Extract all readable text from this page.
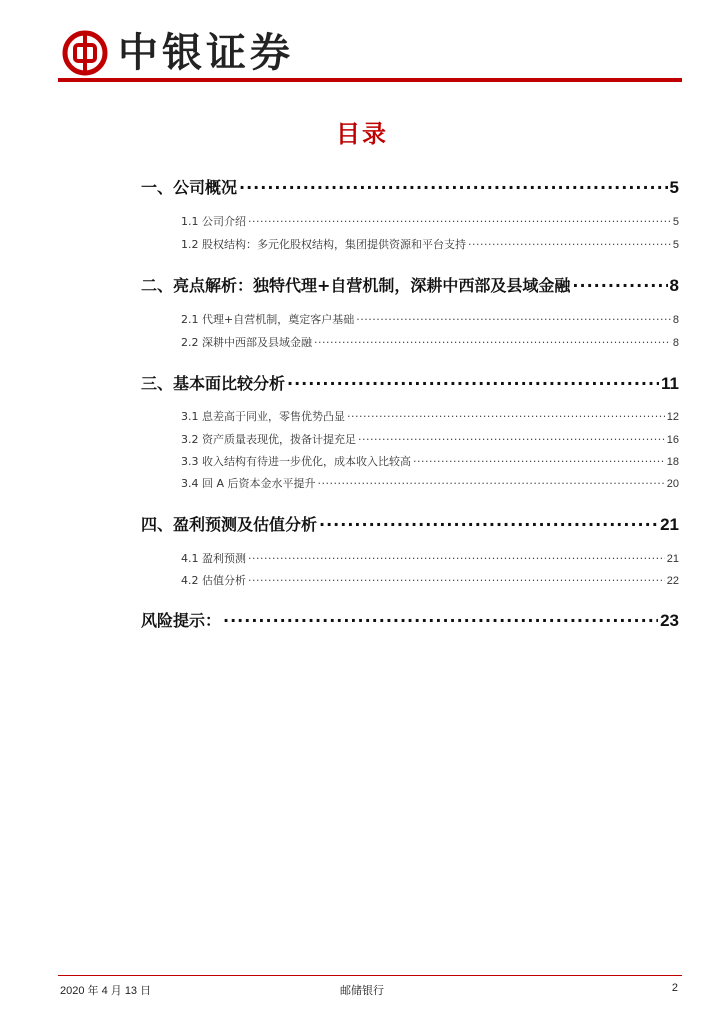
中银证券
目录
一、公司概况 .....	5
1.1 公司介绍 .....	5
1.2 股权结构：多元化股权结构，集团提供资源和平台支持 .....	5
二、亮点解析：独特代理+自营机制，深耕中西部及县域金融 .....	8
2.1 代理+自营机制，奠定客户基础 .....	8
2.2 深耕中西部及县域金融 .....	8
三、基本面比较分析 .....	11
3.1 息差高于同业，零售优势凸显 .....	12
3.2 资产质量表现优，拨备计提充足 .....	16
3.3 收入结构有待进一步优化，成本收入比较高 .....	18
3.4 回 A 后资本金水平提升 .....	20
四、盈利预测及估值分析 .....	21
4.1 盈利预测 .....	21
4.2 估值分析 .....	22
风险提示： .....	23
2020 年 4 月 13 日	邮储银行	2
